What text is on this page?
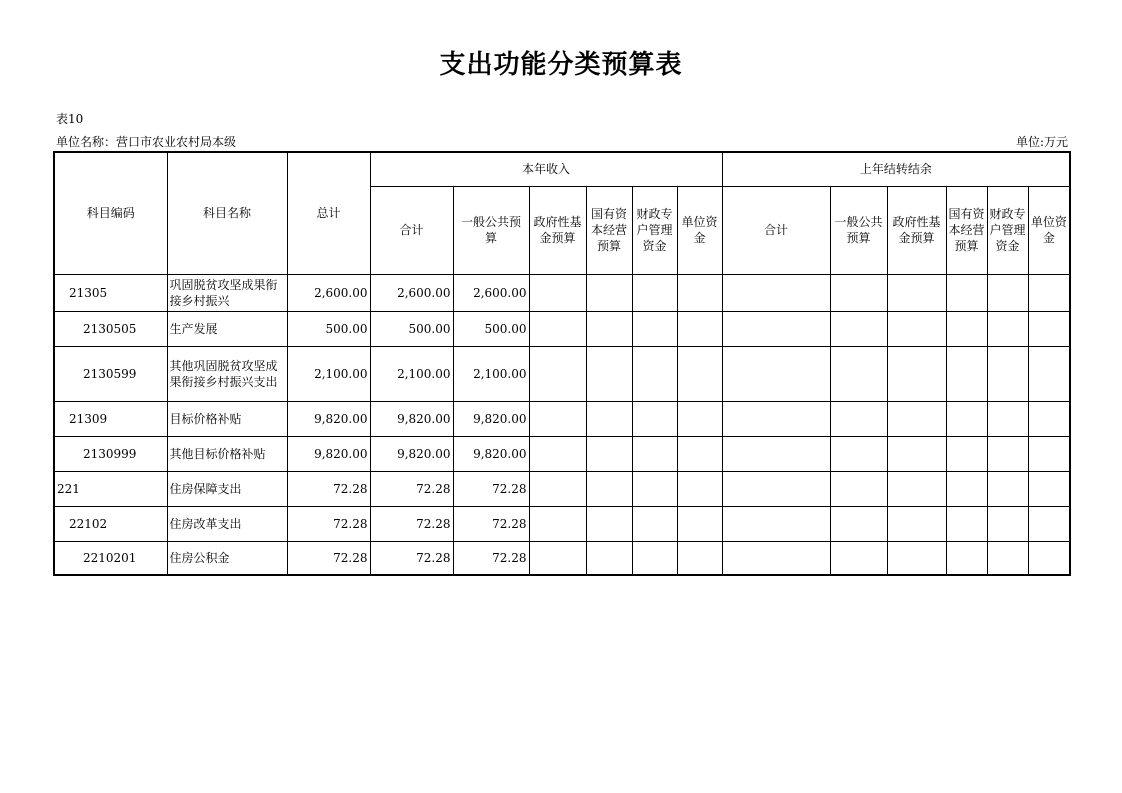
支出功能分类预算表
表10
单位名称：营口市农业农村局本级	单位:万元
科目编码	科目名称	总计	本年收入						上年结转结余					
			合计	一般公共预算	政府性基金预算	国有资本经营预算	财政专户管理资金	单位资金	合计	一般公共预算	政府性基金预算	国有资本经营预算	财政专户管理资金	单位资金
21305	巩固脱贫攻坚成果衔接乡村振兴	2,600.00	2,600.00	2,600.00										
2130505	生产发展	500.00	500.00	500.00										
2130599	其他巩固脱贫攻坚成果衔接乡村振兴支出	2,100.00	2,100.00	2,100.00										
21309	目标价格补贴	9,820.00	9,820.00	9,820.00										
2130999	其他目标价格补贴	9,820.00	9,820.00	9,820.00										
221	住房保障支出	72.28	72.28	72.28										
22102	住房改革支出	72.28	72.28	72.28										
2210201	住房公积金	72.28	72.28	72.28										
